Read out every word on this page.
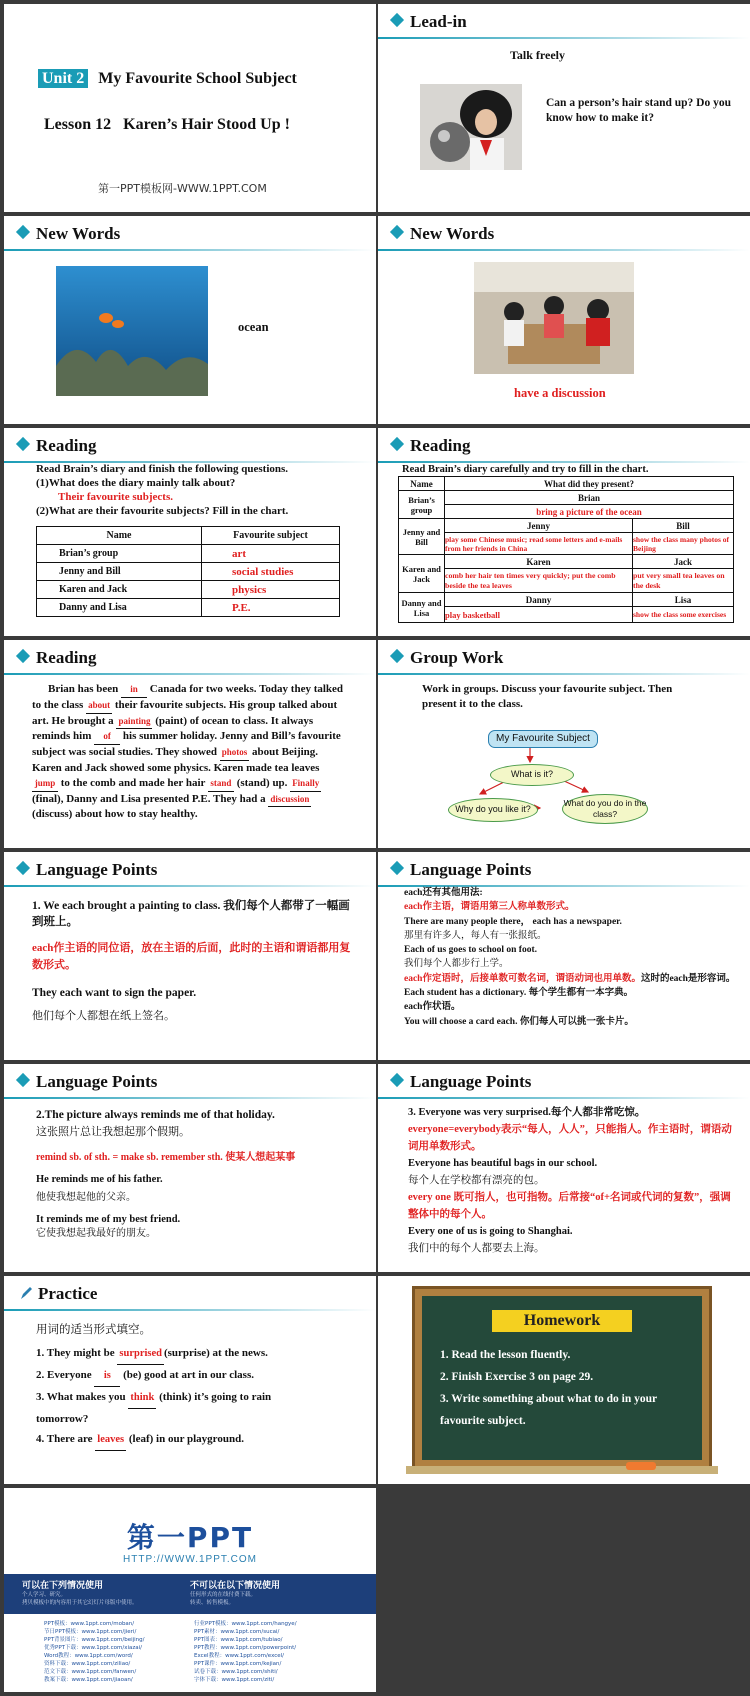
Unit 2 My Favourite School Subject
Lesson 12   Karen’s Hair Stood Up !
第一PPT模板网-WWW.1PPT.COM
Lead-in
Talk freely
Can a person’s hair stand up? Do you know how to make it?
New Words
ocean
New Words
have a discussion
Reading
Read Brain’s diary and finish the following questions.
(1)What does the diary mainly talk about?
Their favourite subjects.
(2)What are their favourite subjects? Fill in the chart.
Name	Favourite subject
Brian’s group	art
Jenny and Bill	social studies
Karen and Jack	physics
Danny and Lisa	P.E.
Reading
Read Brain’s diary carefully and try to fill in the chart.
Name	What did they present?	
Brian’s group	Brian	
	bring a picture of the ocean	
Jenny and Bill	Jenny	Bill
	play some Chinese music; read some letters and e-mails from her friends in China	show the class many photos of Beijing
Karen and Jack	Karen	Jack
	comb her hair ten times very quickly; put the comb beside the tea leaves	put very small tea leaves on the desk
Danny and Lisa	Danny	Lisa
	play basketball	show the class some exercises
Reading
Brian has been in Canada for two weeks. Today they talked to the class about their favourite subjects. His group talked about art. He brought a painting (paint) of ocean to class. It always reminds him of his summer holiday. Jenny and Bill’s favourite subject was social studies. They showed photos about Beijing. Karen and Jack showed some physics. Karen made tea leaves jump to the comb and made her hair stand (stand) up. Finally (final), Danny and Lisa presented P.E. They had a discussion (discuss) about how to stay healthy.
Group Work
Work in groups. Discuss your favourite subject. Then present it to the class.
My Favourite Subject
What is it?
Why do you like it?
What do you do in the class?
Language Points
1. We each brought a painting to class. 我们每个人都带了一幅画到班上。
each作主语的同位语，放在主语的后面，此时的主语和谓语都用复数形式。
They each want to sign the paper.
他们每个人都想在纸上签名。
Language Points
each还有其他用法:
each作主语，谓语用第三人称单数形式。
There are many people there， each has a newspaper.
那里有许多人，每人有一张报纸。
Each of us goes to school on foot.
我们每个人都步行上学。
each作定语时，后接单数可数名词，谓语动词也用单数。这时的each是形容词。
Each student has a dictionary. 每个学生都有一本字典。
each作状语。
You will choose a card each. 你们每人可以挑一张卡片。
Language Points
2.The picture always reminds me of that holiday.
这张照片总让我想起那个假期。
remind sb. of sth. = make sb. remember sth. 使某人想起某事
He reminds me of his father.
他使我想起他的父亲。
It reminds me of my best friend.
它使我想起我最好的朋友。
Language Points
3. Everyone was very surprised.每个人都非常吃惊。
everyone=everybody表示“每人，人人”，只能指人。作主语时，谓语动词用单数形式。
Everyone has beautiful bags in our school.
每个人在学校都有漂亮的包。
every one 既可指人，也可指物。后常接“of+名词或代词的复数”，强调整体中的每个人。
Every one of us is going to Shanghai.
我们中的每个人都要去上海。
Practice
用词的适当形式填空。
1. They might be surprised (surprise) at the news.
2. Everyone is (be) good at art in our class.
3. What makes you think (think) it’s going to rain
tomorrow?
4. There are leaves (leaf) in our playground.
Homework
1. Read the lesson fluently.
2. Finish Exercise 3 on page 29.
3. Write something about what to do in your favourite subject.
第一PPT
HTTP://WWW.1PPT.COM
可以在下列情况使用
个人学习、研究。
拷贝模板中的内容用于其它幻灯片母版中使用。
不可以在以下情况使用
任何形式的在线付费下载。
转卖、转售模板。
PPT模板：www.1ppt.com/moban/
节日PPT模板：www.1ppt.com/jieri/
PPT背景图片：www.1ppt.com/beijing/
优秀PPT下载：www.1ppt.com/xiazai/
Word教程：www.1ppt.com/word/
资料下载：www.1ppt.com/ziliao/
范文下载：www.1ppt.com/fanwen/
教案下载：www.1ppt.com/jiaoan/
行业PPT模板：www.1ppt.com/hangye/
PPT素材：www.1ppt.com/sucai/
PPT图表：www.1ppt.com/tubiao/
PPT教程：www.1ppt.com/powerpoint/
Excel教程：www.1ppt.com/excel/
PPT课件：www.1ppt.com/kejian/
试卷下载：www.1ppt.com/shiti/
字体下载：www.1ppt.com/ziti/
